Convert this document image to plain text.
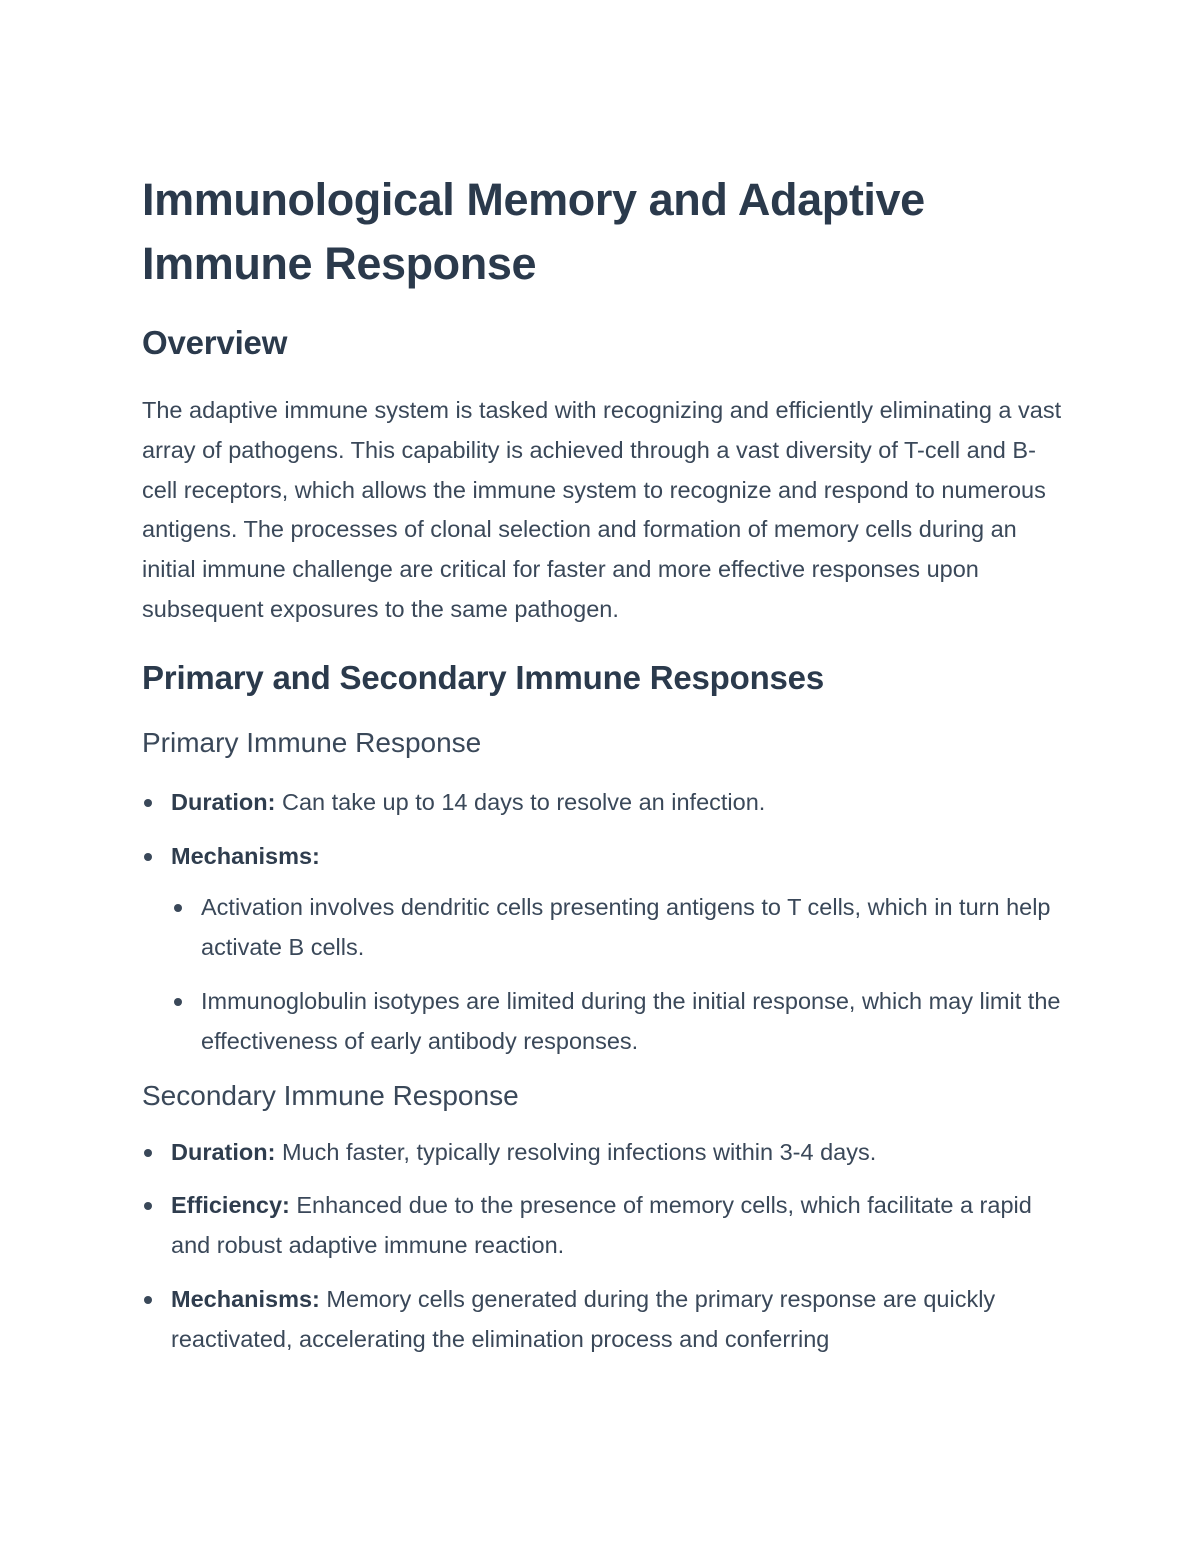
Immunological Memory and Adaptive
Immune Response
Overview

The adaptive immune system is tasked with recognizing and efficiently eliminating a vast array of pathogens. This capability is achieved through a vast diversity of T-cell and B-cell receptors, which allows the immune system to recognize and respond to numerous antigens. The processes of clonal selection and formation of memory cells during an initial immune challenge are critical for faster and more effective responses upon subsequent exposures to the same pathogen.

Primary and Secondary Immune Responses
Primary Immune Response
Duration: Can take up to 14 days to resolve an infection.
Mechanisms:
Activation involves dendritic cells presenting antigens to T cells, which in turn help activate B cells.
Immunoglobulin isotypes are limited during the initial response, which may limit the effectiveness of early antibody responses.
Secondary Immune Response
Duration: Much faster, typically resolving infections within 3-4 days.
Efficiency: Enhanced due to the presence of memory cells, which facilitate a rapid and robust adaptive immune reaction.
Mechanisms: Memory cells generated during the primary response are quickly reactivated, accelerating the elimination process and conferring
